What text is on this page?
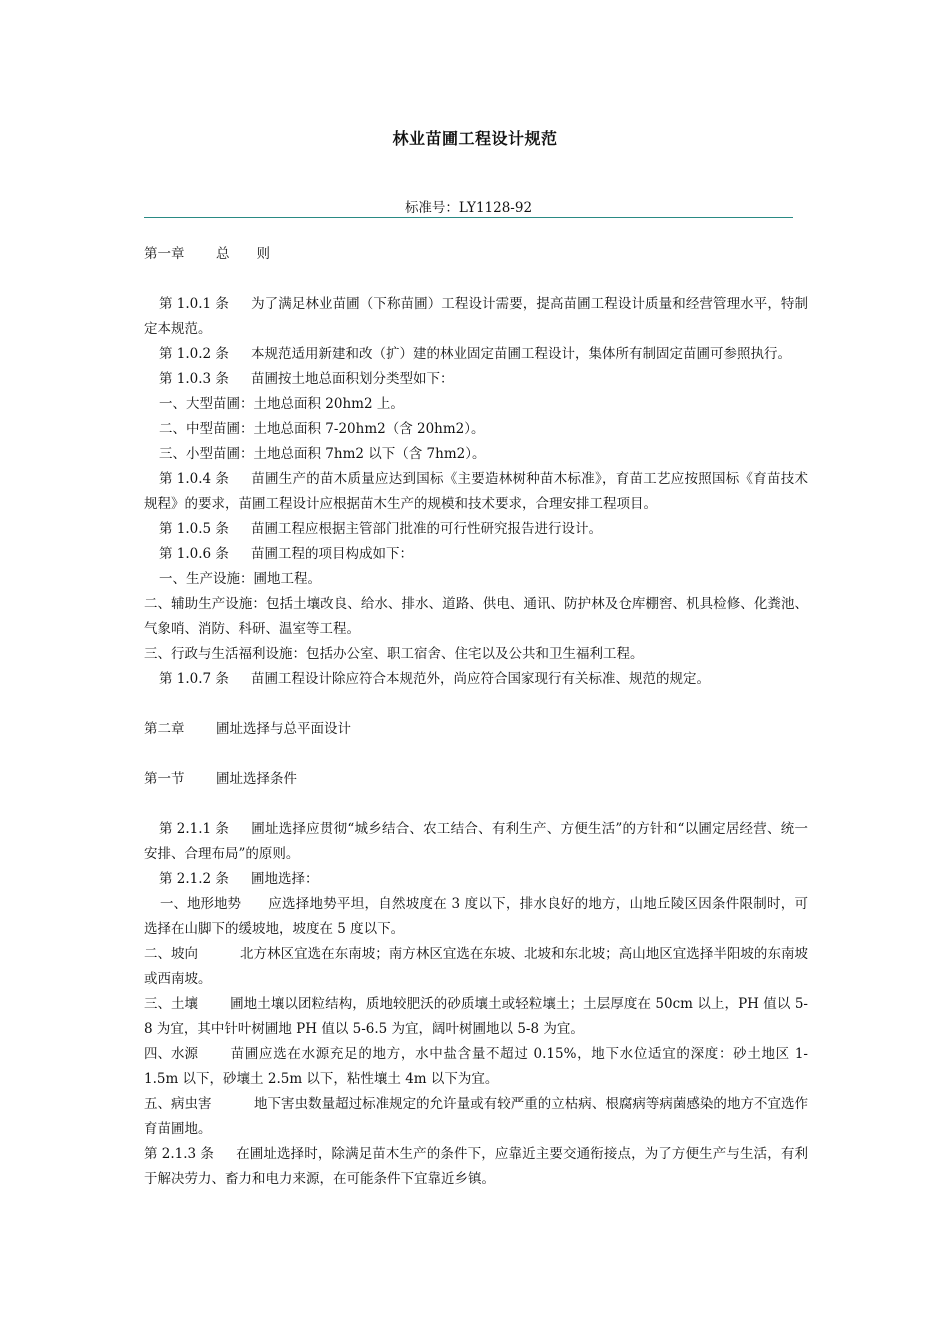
林业苗圃工程设计规范
标准号：LY1128-92

第一章 总　　则

第 1.0.1 条 为了满足林业苗圃（下称苗圃）工程设计需要，提高苗圃工程设计质量和经营管理水平，特制定本规范。

第 1.0.2 条 本规范适用新建和改（扩）建的林业固定苗圃工程设计，集体所有制固定苗圃可参照执行。

第 1.0.3 条 苗圃按土地总面积划分类型如下：

一、大型苗圃：土地总面积 20hm2 上。

二、中型苗圃：土地总面积 7-20hm2（含 20hm2）。

三、小型苗圃：土地总面积 7hm2 以下（含 7hm2）。

第 1.0.4 条 苗圃生产的苗木质量应达到国标《主要造林树种苗木标准》，育苗工艺应按照国标《育苗技术规程》的要求，苗圃工程设计应根据苗木生产的规模和技术要求，合理安排工程项目。

第 1.0.5 条 苗圃工程应根据主管部门批准的可行性研究报告进行设计。

第 1.0.6 条 苗圃工程的项目构成如下：

一、生产设施：圃地工程。

二、辅助生产设施：包括土壤改良、给水、排水、道路、供电、通讯、防护林及仓库棚窖、机具检修、化粪池、气象哨、消防、科研、温室等工程。

三、行政与生活福利设施：包括办公室、职工宿舍、住宅以及公共和卫生福利工程。

第 1.0.7 条 苗圃工程设计除应符合本规范外，尚应符合国家现行有关标准、规范的规定。

第二章 圃址选择与总平面设计

第一节 圃址选择条件

第 2.1.1 条 圃址选择应贯彻“城乡结合、农工结合、有利生产、方便生活”的方针和“以圃定居经营、统一安排、合理布局”的原则。

第 2.1.2 条 圃地选择：

一、地形地势 应选择地势平坦，自然坡度在 3 度以下，排水良好的地方，山地丘陵区因条件限制时，可选择在山脚下的缓坡地，坡度在 5 度以下。

二、坡向	北方林区宜选在东南坡；南方林区宜选在东坡、北坡和东北坡；高山地区宜选择半阳坡的东南坡或西南坡。

三、土壤 圃地土壤以团粒结构，质地较肥沃的砂质壤土或轻粒壤土；土层厚度在 50cm 以上，PH 值以 5-8 为宜，其中针叶树圃地 PH 值以 5-6.5 为宜，阔叶树圃地以 5-8 为宜。

四、水源 苗圃应选在水源充足的地方，水中盐含量不超过 0.15%，地下水位适宜的深度：砂土地区 1-1.5m 以下，砂壤土 2.5m 以下，粘性壤土 4m 以下为宜。

五、病虫害	地下害虫数量超过标准规定的允许量或有较严重的立枯病、根腐病等病菌感染的地方不宜选作育苗圃地。

第 2.1.3 条 在圃址选择时，除满足苗木生产的条件下，应靠近主要交通衔接点，为了方便生产与生活，有利于解决劳力、畜力和电力来源，在可能条件下宜靠近乡镇。
